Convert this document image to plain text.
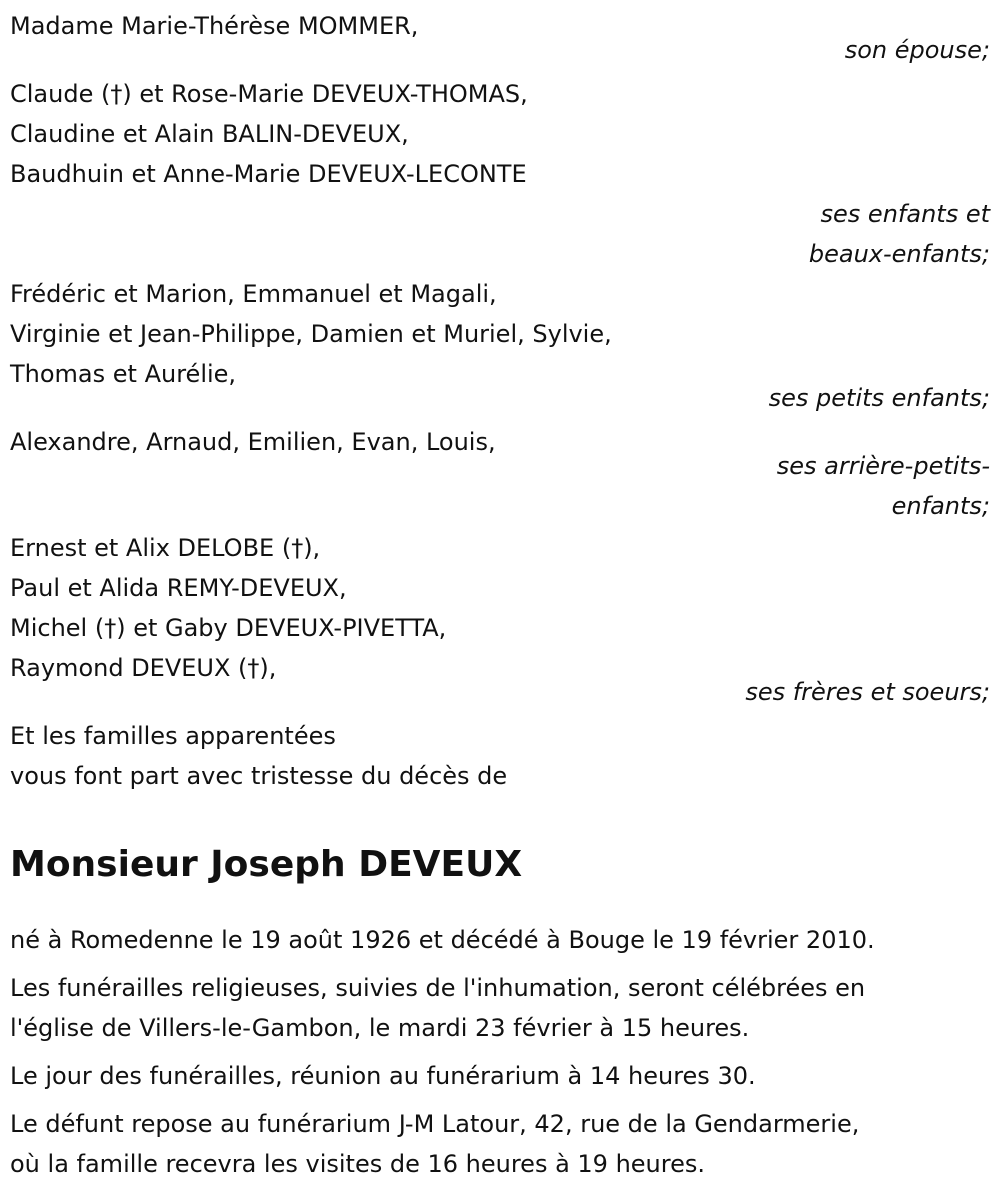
Madame Marie-Thérèse MOMMER,
son épouse;
Claude (†) et Rose-Marie DEVEUX-THOMAS,
Claudine et Alain BALIN-DEVEUX,
Baudhuin et Anne-Marie DEVEUX-LECONTE
ses enfants et
beaux-enfants;
Frédéric et Marion, Emmanuel et Magali,
Virginie et Jean-Philippe, Damien et Muriel, Sylvie,
Thomas et Aurélie,
ses petits enfants;
Alexandre, Arnaud, Emilien, Evan, Louis,
ses arrière-petits-
enfants;
Ernest et Alix DELOBE (†),
Paul et Alida REMY-DEVEUX,
Michel (†) et Gaby DEVEUX-PIVETTA,
Raymond DEVEUX (†),
ses frères et soeurs;
Et les familles apparentées
vous font part avec tristesse du décès de
Monsieur Joseph DEVEUX
né à Romedenne le 19 août 1926 et décédé à Bouge le 19 février 2010.
Les funérailles religieuses, suivies de l'inhumation, seront célébrées en
l'église de Villers-le-Gambon, le mardi 23 février à 15 heures.
Le jour des funérailles, réunion au funérarium à 14 heures 30.
Le défunt repose au funérarium J-M Latour, 42, rue de la Gendarmerie,
où la famille recevra les visites de 16 heures à 19 heures.
